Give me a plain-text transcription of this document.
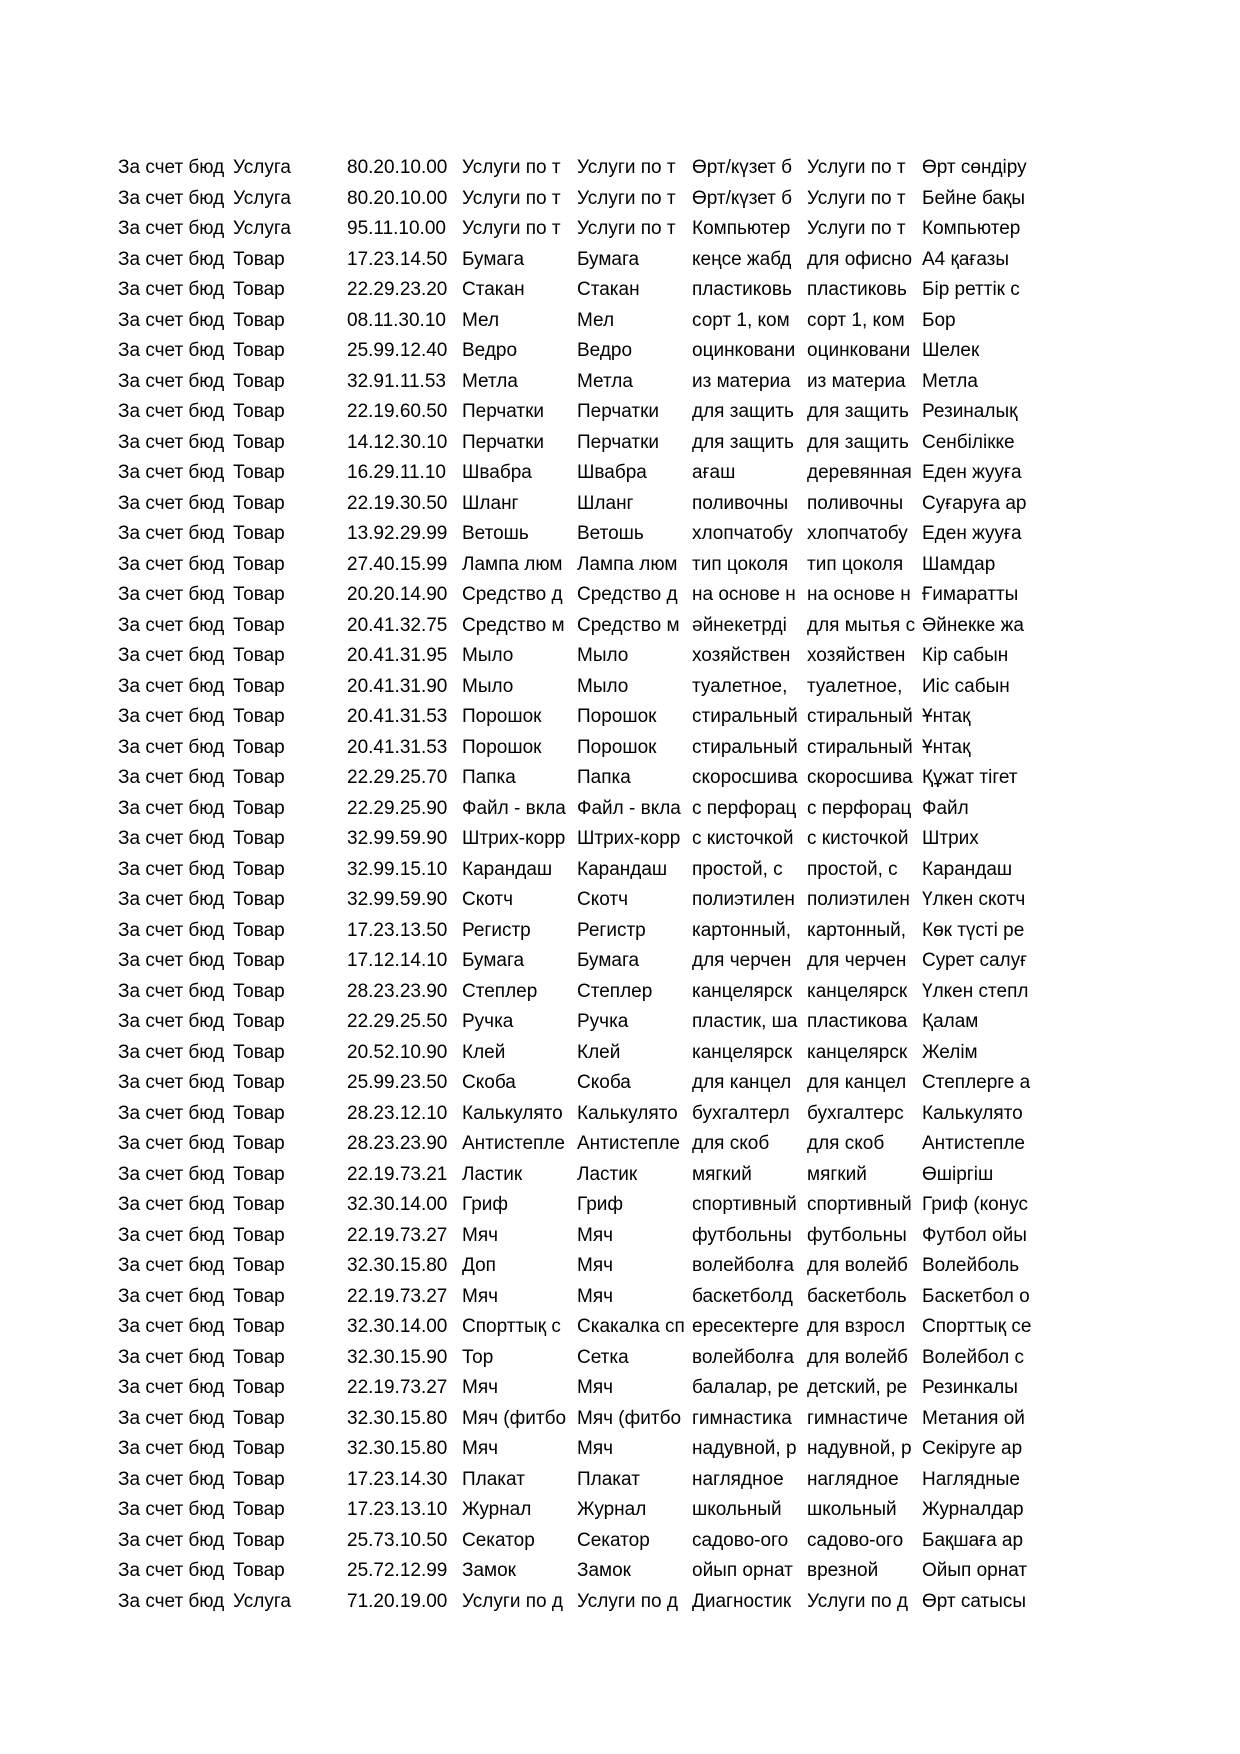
За счет бюд	Услуга	80.20.10.00	Услуги по т	Услуги по т	Өрт/күзет б	Услуги по т	Өрт сөндіру
За счет бюд	Услуга	80.20.10.00	Услуги по т	Услуги по т	Өрт/күзет б	Услуги по т	Бейне бақы
За счет бюд	Услуга	95.11.10.00	Услуги по т	Услуги по т	Компьютер	Услуги по т	Компьютер
За счет бюд	Товар	17.23.14.50	Бумага	Бумага	кеңсе жабд	для офисно	А4 қағазы
За счет бюд	Товар	22.29.23.20	Стакан	Стакан	пластиковь	пластиковь	Бір реттік с
За счет бюд	Товар	08.11.30.10	Мел	Мел	сорт 1, ком	сорт 1, ком	Бор
За счет бюд	Товар	25.99.12.40	Ведро	Ведро	оцинковани	оцинковани	Шелек
За счет бюд	Товар	32.91.11.53	Метла	Метла	из материа	из материа	Метла
За счет бюд	Товар	22.19.60.50	Перчатки	Перчатки	для защить	для защить	Резиналық
За счет бюд	Товар	14.12.30.10	Перчатки	Перчатки	для защить	для защить	Сенбілікке
За счет бюд	Товар	16.29.11.10	Швабра	Швабра	ағаш	деревянная	Еден жууға
За счет бюд	Товар	22.19.30.50	Шланг	Шланг	поливочны	поливочны	Суғаруға ар
За счет бюд	Товар	13.92.29.99	Ветошь	Ветошь	хлопчатобу	хлопчатобу	Еден жууға
За счет бюд	Товар	27.40.15.99	Лампа люм	Лампа люм	тип цоколя	тип цоколя	Шамдар
За счет бюд	Товар	20.20.14.90	Средство д	Средство д	на основе н	на основе н	Ғимаратты
За счет бюд	Товар	20.41.32.75	Средство м	Средство м	әйнекетрді	для мытья с	Әйнекке жа
За счет бюд	Товар	20.41.31.95	Мыло	Мыло	хозяйствен	хозяйствен	Кір сабын
За счет бюд	Товар	20.41.31.90	Мыло	Мыло	туалетное,	туалетное,	Иіс сабын
За счет бюд	Товар	20.41.31.53	Порошок	Порошок	стиральный	стиральный	Ұнтақ
За счет бюд	Товар	20.41.31.53	Порошок	Порошок	стиральный	стиральный	Ұнтақ
За счет бюд	Товар	22.29.25.70	Папка	Папка	скоросшива	скоросшива	Құжат тігет
За счет бюд	Товар	22.29.25.90	Файл - вкла	Файл - вкла	с перфорац	с перфорац	Файл
За счет бюд	Товар	32.99.59.90	Штрих-корр	Штрих-корр	с кисточкой	с кисточкой	Штрих
За счет бюд	Товар	32.99.15.10	Карандаш	Карандаш	простой, с	простой, с	Карандаш
За счет бюд	Товар	32.99.59.90	Скотч	Скотч	полиэтилен	полиэтилен	Үлкен скотч
За счет бюд	Товар	17.23.13.50	Регистр	Регистр	картонный,	картонный,	Көк түсті ре
За счет бюд	Товар	17.12.14.10	Бумага	Бумага	для черчен	для черчен	Сурет салуғ
За счет бюд	Товар	28.23.23.90	Степлер	Степлер	канцелярск	канцелярск	Үлкен степл
За счет бюд	Товар	22.29.25.50	Ручка	Ручка	пластик, ша	пластикова	Қалам
За счет бюд	Товар	20.52.10.90	Клей	Клей	канцелярск	канцелярск	Желім
За счет бюд	Товар	25.99.23.50	Скоба	Скоба	для канцел	для канцел	Степлерге а
За счет бюд	Товар	28.23.12.10	Калькулято	Калькулято	бухгалтерл	бухгалтерс	Калькулято
За счет бюд	Товар	28.23.23.90	Антистепле	Антистепле	для скоб	для скоб	Антистепле
За счет бюд	Товар	22.19.73.21	Ластик	Ластик	мягкий	мягкий	Өшіргіш
За счет бюд	Товар	32.30.14.00	Гриф	Гриф	спортивный	спортивный	Гриф (конус
За счет бюд	Товар	22.19.73.27	Мяч	Мяч	футбольны	футбольны	Футбол ойы
За счет бюд	Товар	32.30.15.80	Доп	Мяч	волейболға	для волейб	Волейболь
За счет бюд	Товар	22.19.73.27	Мяч	Мяч	баскетболд	баскетболь	Баскетбол о
За счет бюд	Товар	32.30.14.00	Спорттық с	Скакалка сп	ересектерге	для взросл	Спорттық се
За счет бюд	Товар	32.30.15.90	Тор	Сетка	волейболға	для волейб	Волейбол с
За счет бюд	Товар	22.19.73.27	Мяч	Мяч	балалар, ре	детский, ре	Резинкалы
За счет бюд	Товар	32.30.15.80	Мяч (фитбо	Мяч (фитбо	гимнастика	гимнастиче	Метания ой
За счет бюд	Товар	32.30.15.80	Мяч	Мяч	надувной, р	надувной, р	Секіруге ар
За счет бюд	Товар	17.23.14.30	Плакат	Плакат	наглядное	наглядное	Наглядные
За счет бюд	Товар	17.23.13.10	Журнал	Журнал	школьный	школьный	Журналдар
За счет бюд	Товар	25.73.10.50	Секатор	Секатор	садово-ого	садово-ого	Бақшаға ар
За счет бюд	Товар	25.72.12.99	Замок	Замок	ойып орнат	врезной	Ойып орнат
За счет бюд	Услуга	71.20.19.00	Услуги по д	Услуги по д	Диагностик	Услуги по д	Өрт сатысы
